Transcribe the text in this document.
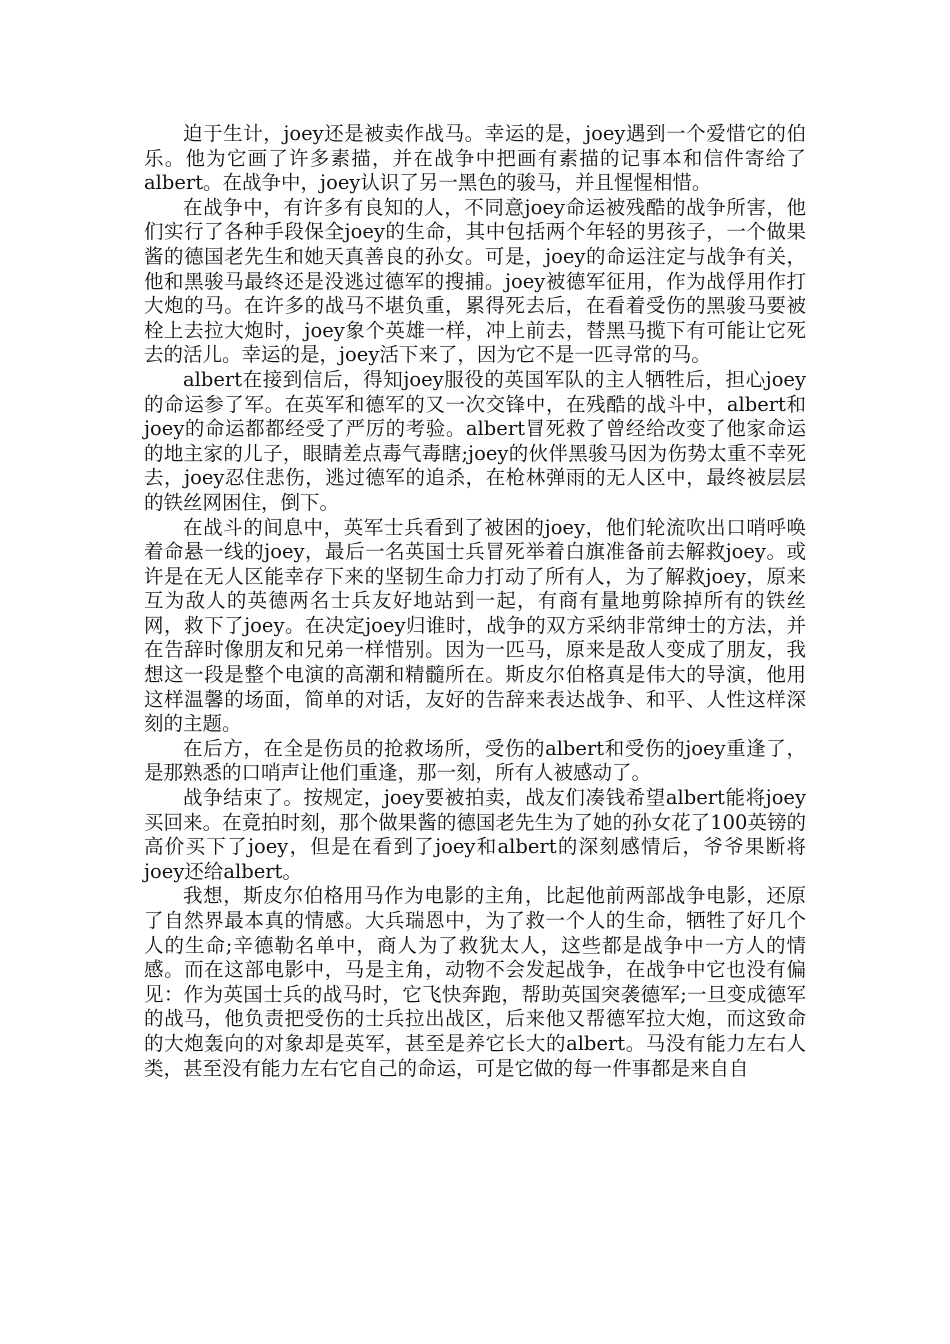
迫于生计，joey还是被卖作战马。幸运的是，joey遇到一个爱惜它的伯乐。他为它画了许多素描，并在战争中把画有素描的记事本和信件寄给了albert。在战争中，joey认识了另一黑色的骏马，并且惺惺相惜。

在战争中，有许多有良知的人，不同意joey命运被残酷的战争所害，他们实行了各种手段保全joey的生命，其中包括两个年轻的男孩子，一个做果酱的德国老先生和她天真善良的孙女。可是，joey的命运注定与战争有关，他和黑骏马最终还是没逃过德军的搜捕。joey被德军征用，作为战俘用作打大炮的马。在许多的战马不堪负重，累得死去后，在看着受伤的黑骏马要被栓上去拉大炮时，joey象个英雄一样，冲上前去，替黑马揽下有可能让它死去的活儿。幸运的是，joey活下来了，因为它不是一匹寻常的马。

albert在接到信后，得知joey服役的英国军队的主人牺牲后，担心joey的命运参了军。在英军和德军的又一次交锋中，在残酷的战斗中，albert和joey的命运都都经受了严厉的考验。albert冒死救了曾经给改变了他家命运的地主家的儿子，眼睛差点毒气毒瞎;joey的伙伴黑骏马因为伤势太重不幸死去，joey忍住悲伤，逃过德军的追杀，在枪林弹雨的无人区中，最终被层层的铁丝网困住，倒下。

在战斗的间息中，英军士兵看到了被困的joey，他们轮流吹出口哨呼唤着命悬一线的joey，最后一名英国士兵冒死举着白旗准备前去解救joey。或许是在无人区能幸存下来的坚韧生命力打动了所有人，为了解救joey，原来互为敌人的英德两名士兵友好地站到一起，有商有量地剪除掉所有的铁丝网，救下了joey。在决定joey归谁时，战争的双方采纳非常绅士的方法，并在告辞时像朋友和兄弟一样惜别。因为一匹马，原来是敌人变成了朋友，我想这一段是整个电演的高潮和精髓所在。斯皮尔伯格真是伟大的导演，他用这样温馨的场面，简单的对话，友好的告辞来表达战争、和平、人性这样深刻的主题。

在后方，在全是伤员的抢救场所，受伤的albert和受伤的joey重逢了，是那熟悉的口哨声让他们重逢，那一刻，所有人被感动了。

战争结束了。按规定，joey要被拍卖，战友们凑钱希望albert能将joey买回来。在竟拍时刻，那个做果酱的德国老先生为了她的孙女花了100英镑的高价买下了joey，但是在看到了joey和albert的深刻感情后，爷爷果断将joey还给albert。

我想，斯皮尔伯格用马作为电影的主角，比起他前两部战争电影，还原了自然界最本真的情感。大兵瑞恩中，为了救一个人的生命，牺牲了好几个人的生命;辛德勒名单中，商人为了救犹太人，这些都是战争中一方人的情感。而在这部电影中，马是主角，动物不会发起战争，在战争中它也没有偏见：作为英国士兵的战马时，它飞快奔跑，帮助英国突袭德军;一旦变成德军的战马，他负责把受伤的士兵拉出战区，后来他又帮德军拉大炮，而这致命的大炮轰向的对象却是英军，甚至是养它长大的albert。马没有能力左右人类，甚至没有能力左右它自己的命运，可是它做的每一件事都是来自自
